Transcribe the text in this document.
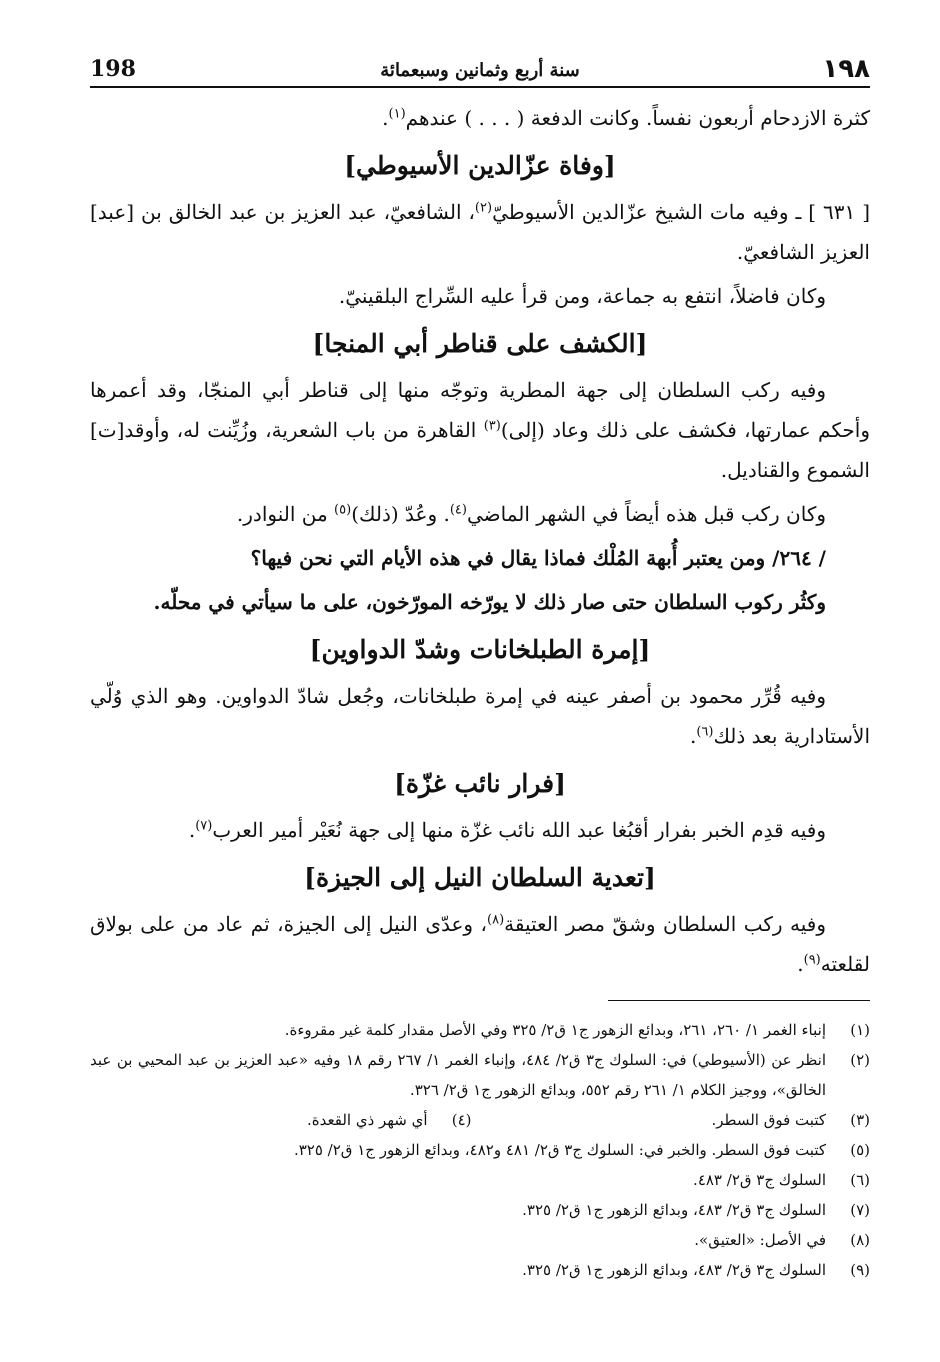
١٩٨
سنة أربع وثمانين وسبعمائة
198

كثرة الازدحام أربعون نفساً. وكانت الدفعة ( . . . ) عندهم$^{(١)}$.

[وفاة عزّالدين الأسيوطي]

[ ٦٣١ ] ـ وفيه مات الشيخ عزّالدين الأسيوطيّ$^{(٢)}$، الشافعيّ، عبد العزيز بن عبد الخالق بن [عبد] العزيز الشافعيّ.

وكان فاضلاً، انتفع به جماعة، ومن قرأ عليه السِّراج البلقينيّ.

[الكشف على قناطر أبي المنجا]

وفيه ركب السلطان إلى جهة المطرية وتوجّه منها إلى قناطر أبي المنجّا، وقد أعمرها وأحكم عمارتها، فكشف على ذلك وعاد (إلى)$^{(٣)}$ القاهرة من باب الشعرية، وزُيِّنت له، وأوقد[ت] الشموع والقناديل.

وكان ركب قبل هذه أيضاً في الشهر الماضي$^{(٤)}$. وعُدّ (ذلك)$^{(٥)}$ من النوادر.

/ ٢٦٤/ ومن يعتبر أُبهة المُلْك فماذا يقال في هذه الأيام التي نحن فيها؟

وكثُر ركوب السلطان حتى صار ذلك لا يورّخه المورّخون، على ما سيأتي في محلّه.

[إمرة الطبلخانات وشدّ الدواوين]

وفيه قُرِّر محمود بن أصفر عينه في إمرة طبلخانات، وجُعل شادّ الدواوين. وهو الذي وُلّي الأستادارية بعد ذلك$^{(٦)}$.

[فرار نائب غزّة]

وفيه قدِم الخبر بفرار أقبُغا عبد الله نائب غزّة منها إلى جهة نُعَيْر أمير العرب$^{(٧)}$.

[تعدية السلطان النيل إلى الجيزة]

وفيه ركب السلطان وشقّ مصر العتيقة$^{(٨)}$، وعدّى النيل إلى الجيزة، ثم عاد من على بولاق لقلعته$^{(٩)}$.

(١)
إنباء الغمر ١/ ٢٦٠، ٢٦١، وبدائع الزهور ج١ ق٢/ ٣٢٥ وفي الأصل مقدار كلمة غير مقروءة.
(٢)
انظر عن (الأسيوطي) في: السلوك ج٣ ق٢/ ٤٨٤، وإنباء الغمر ١/ ٢٦٧ رقم ١٨ وفيه «عبد العزيز بن عبد المحيي بن عبد الخالق»، ووجيز الكلام ١/ ٢٦١ رقم ٥٥٢، وبدائع الزهور ج١ ق٢/ ٣٢٦.
(٣)
كتبت فوق السطر.
(٤)
أي شهر ذي القعدة.
(٥)
كتبت فوق السطر. والخبر في: السلوك ج٣ ق٢/ ٤٨١ و٤٨٢، وبدائع الزهور ج١ ق٢/ ٣٢٥.
(٦)
السلوك ج٣ ق٢/ ٤٨٣.
(٧)
السلوك ج٣ ق٢/ ٤٨٣، وبدائع الزهور ج١ ق٢/ ٣٢٥.
(٨)
في الأصل: «العتيق».
(٩)
السلوك ج٣ ق٢/ ٤٨٣، وبدائع الزهور ج١ ق٢/ ٣٢٥.
